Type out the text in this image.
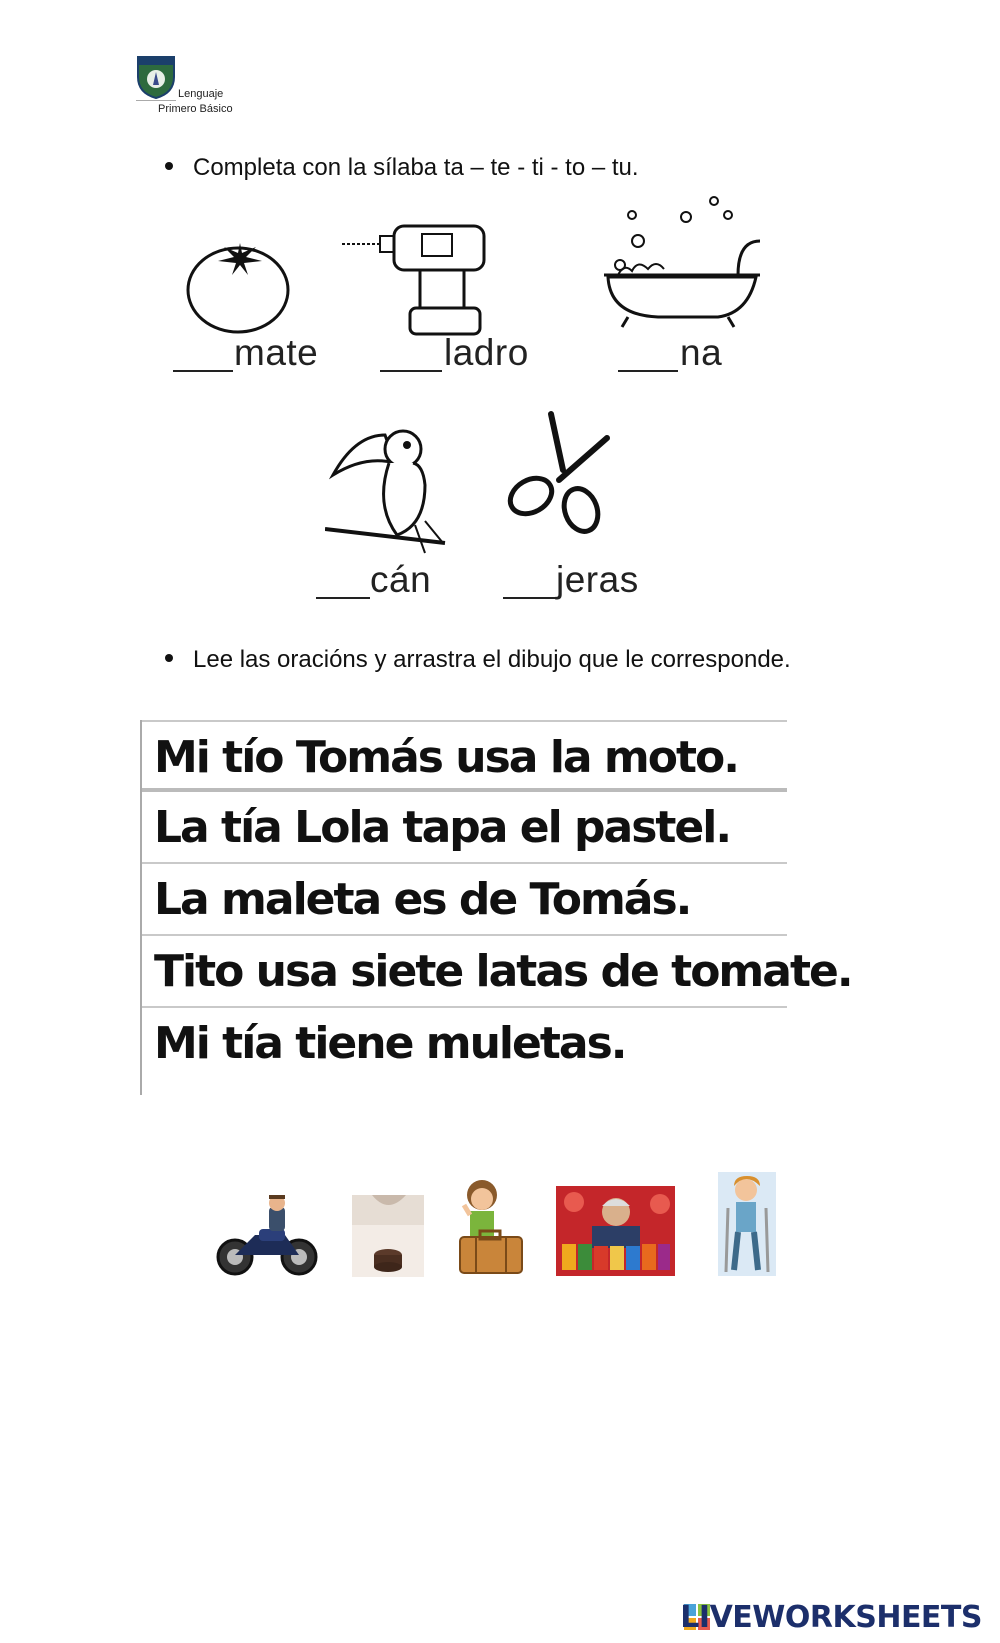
Lenguaje
Primero Básico
Completa con la sílaba ta – te - ti - to – tu.
mate	ladro	na
cán	jeras
Lee las oracións y arrastra el dibujo que le corresponde.
Mi tío Tomás usa la moto.
La tía Lola tapa el pastel.
La maleta es de Tomás.
Tito usa siete latas de tomate.
Mi tía tiene muletas.
LIVEWORKSHEETS
